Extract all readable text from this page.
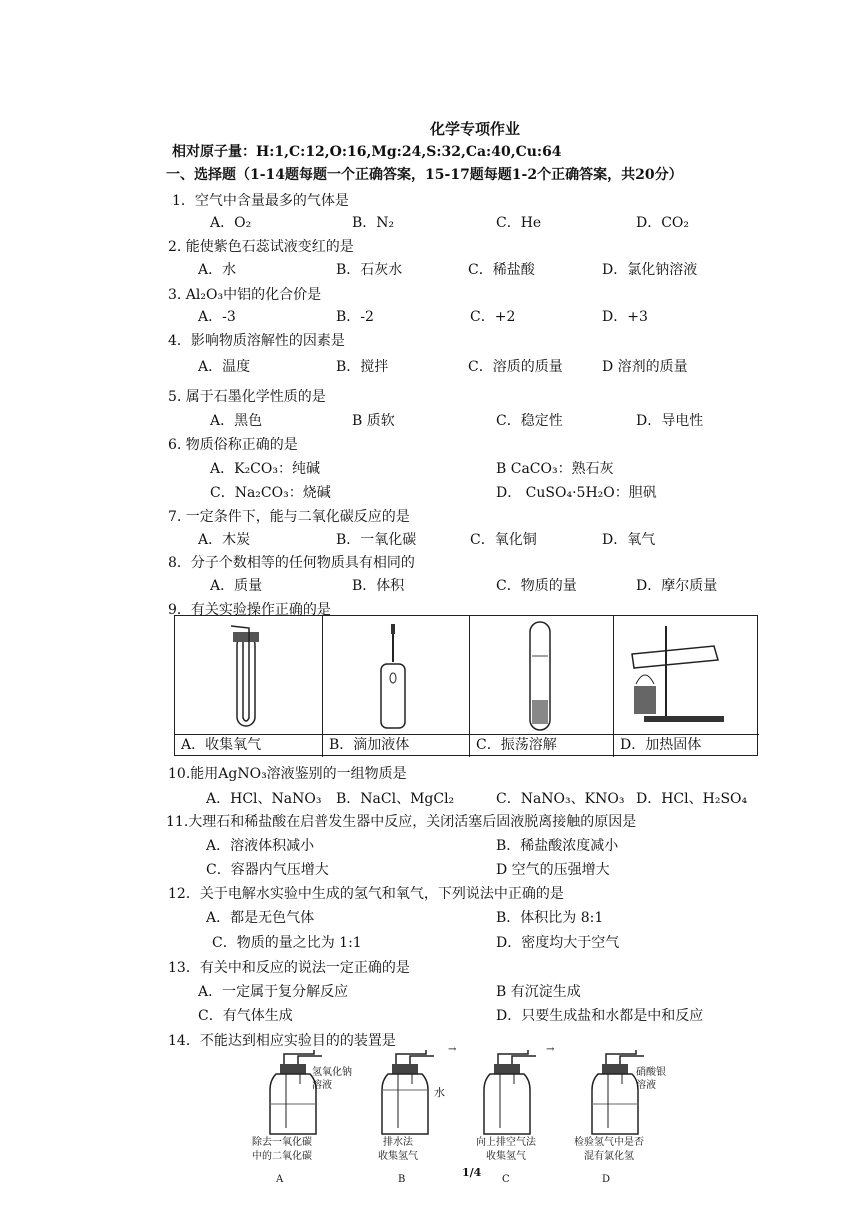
化学专项作业
相对原子量：H:1,C:12,O:16,Mg:24,S:32,Ca:40,Cu:64
一、选择题（1-14题每题一个正确答案，15-17题每题1-2个正确答案，共20分）
1．空气中含量最多的气体是
A．O₂	B．N₂	C．He	D．CO₂
2. 能使紫色石蕊试液变红的是
A．水	B．石灰水	C．稀盐酸	D．氯化钠溶液
3. Al₂O₃中铝的化合价是
A．-3	B．-2	C．+2	D．+3
4．影响物质溶解性的因素是
A．温度	B．搅拌	C．溶质的质量	D 溶剂的质量
5. 属于石墨化学性质的是
A．黑色	B 质软	C．稳定性	D．导电性
6. 物质俗称正确的是
A．K₂CO₃：纯碱	B CaCO₃：熟石灰
C．Na₂CO₃：烧碱	D． CuSO₄·5H₂O：胆矾
7. 一定条件下，能与二氧化碳反应的是
A．木炭	B．一氧化碳	C．氧化铜	D．氧气
8．分子个数相等的任何物质具有相同的
A．质量	B．体积	C．物质的量	D．摩尔质量
9．有关实验操作正确的是
A．收集氧气	B．滴加液体	C．振荡溶解	D．加热固体
10.能用AgNO₃溶液鉴别的一组物质是
A．HCl、NaNO₃ B．NaCl、MgCl₂	C．NaNO₃、KNO₃ D．HCl、H₂SO₄
11.大理石和稀盐酸在启普发生器中反应，关闭活塞后固液脱离接触的原因是
A．溶液体积减小	B．稀盐酸浓度减小
C．容器内气压增大	D 空气的压强增大
12．关于电解水实验中生成的氢气和氧气，下列说法中正确的是
A．都是无色气体	B．体积比为 8:1
C．物质的量之比为 1:1	D．密度均大于空气
13．有关中和反应的说法一定正确的是
A．一定属于复分解反应	B 有沉淀生成
C．有气体生成	D．只要生成盐和水都是中和反应
14．不能达到相应实验目的的装置是
氢氧化钠
溶液
除去一氧化碳
中的二氧化碳
A
→	→
水
排水法
收集氢气
B
向上排空气法
收集氢气
C
硝酸银
溶液
检验氢气中是否
混有氯化氢
D
1/4
